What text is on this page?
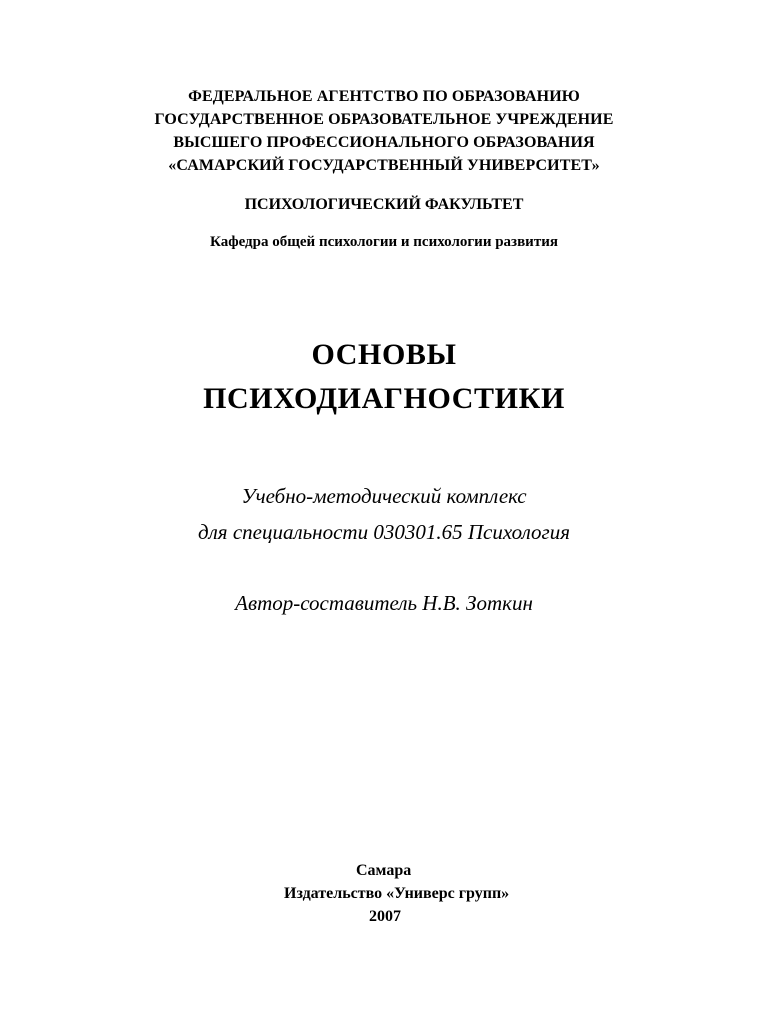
ФЕДЕРАЛЬНОЕ АГЕНТСТВО ПО ОБРАЗОВАНИЮ
ГОСУДАРСТВЕННОЕ ОБРАЗОВАТЕЛЬНОЕ УЧРЕЖДЕНИЕ
ВЫСШЕГО ПРОФЕССИОНАЛЬНОГО ОБРАЗОВАНИЯ
«САМАРСКИЙ ГОСУДАРСТВЕННЫЙ УНИВЕРСИТЕТ»
ПСИХОЛОГИЧЕСКИЙ ФАКУЛЬТЕТ
Кафедра общей психологии и психологии развития
ОСНОВЫ
ПСИХОДИАГНОСТИКИ
Учебно-методический комплекс
для специальности 030301.65 Психология
Автор-составитель Н.В. Зоткин
Самара
Издательство «Универс групп»
2007
